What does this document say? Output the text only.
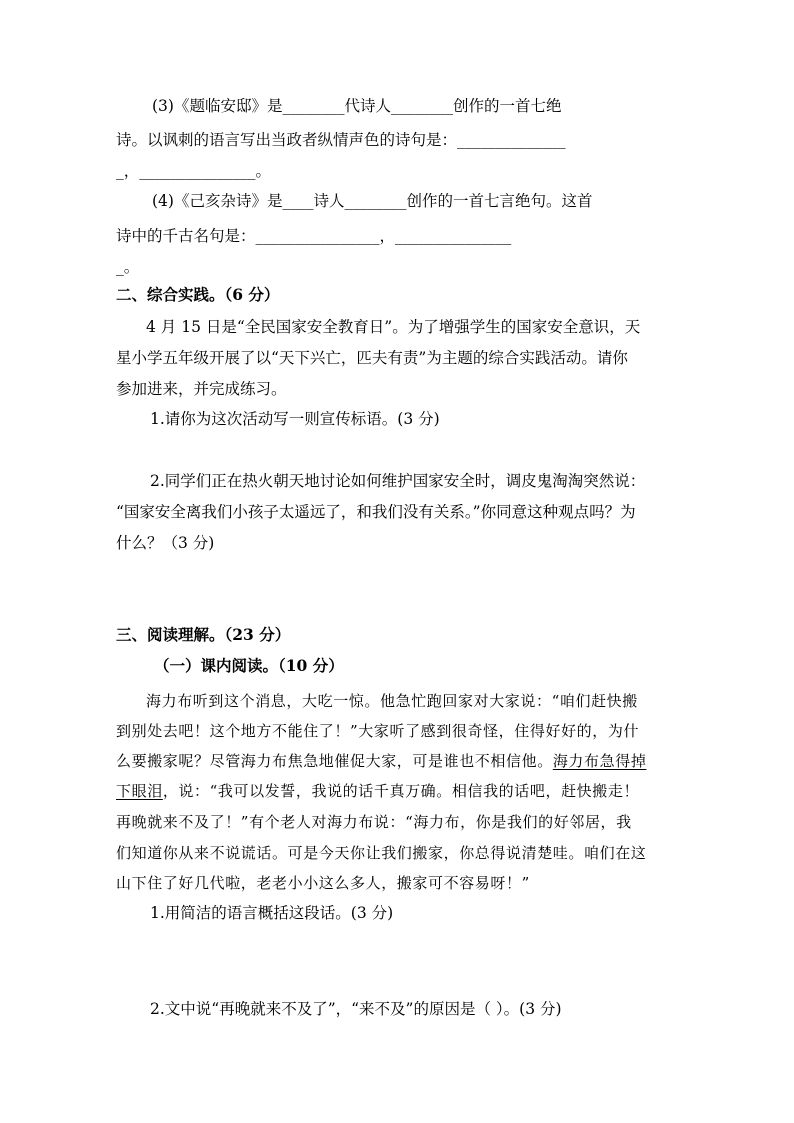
(3)《题临安邸》是________代诗人________创作的一首七绝
诗。以讽刺的语言写出当政者纵情声色的诗句是：______________
_，_______________。
(4)《己亥杂诗》是____诗人________创作的一首七言绝句。这首
诗中的千古名句是：________________，_______________
_。
二、综合实践。（6 分）
4 月 15 日是“全民国家安全教育日”。为了增强学生的国家安全意识，天
星小学五年级开展了以“天下兴亡，匹夫有责”为主题的综合实践活动。请你
参加进来，并完成练习。
1.请你为这次活动写一则宣传标语。(3 分)
2.同学们正在热火朝天地讨论如何维护国家安全时，调皮鬼淘淘突然说：
“国家安全离我们小孩子太遥远了，和我们没有关系。”你同意这种观点吗？为
什么？（3 分)
三、阅读理解。（23 分）
（一）课内阅读。（10 分）
海力布听到这个消息，大吃一惊。他急忙跑回家对大家说：“咱们赶快搬
到别处去吧！这个地方不能住了！”大家听了感到很奇怪，住得好好的，为什
么要搬家呢？尽管海力布焦急地催促大家，可是谁也不相信他。海力布急得掉
下眼泪，说：“我可以发誓，我说的话千真万确。相信我的话吧，赶快搬走！
再晚就来不及了！”有个老人对海力布说：“海力布，你是我们的好邻居，我
们知道你从来不说谎话。可是今天你让我们搬家，你总得说清楚哇。咱们在这
山下住了好几代啦，老老小小这么多人，搬家可不容易呀！”
1.用简洁的语言概括这段话。(3 分)
2.文中说“再晚就来不及了”，“来不及”的原因是（ ）。(3 分)
